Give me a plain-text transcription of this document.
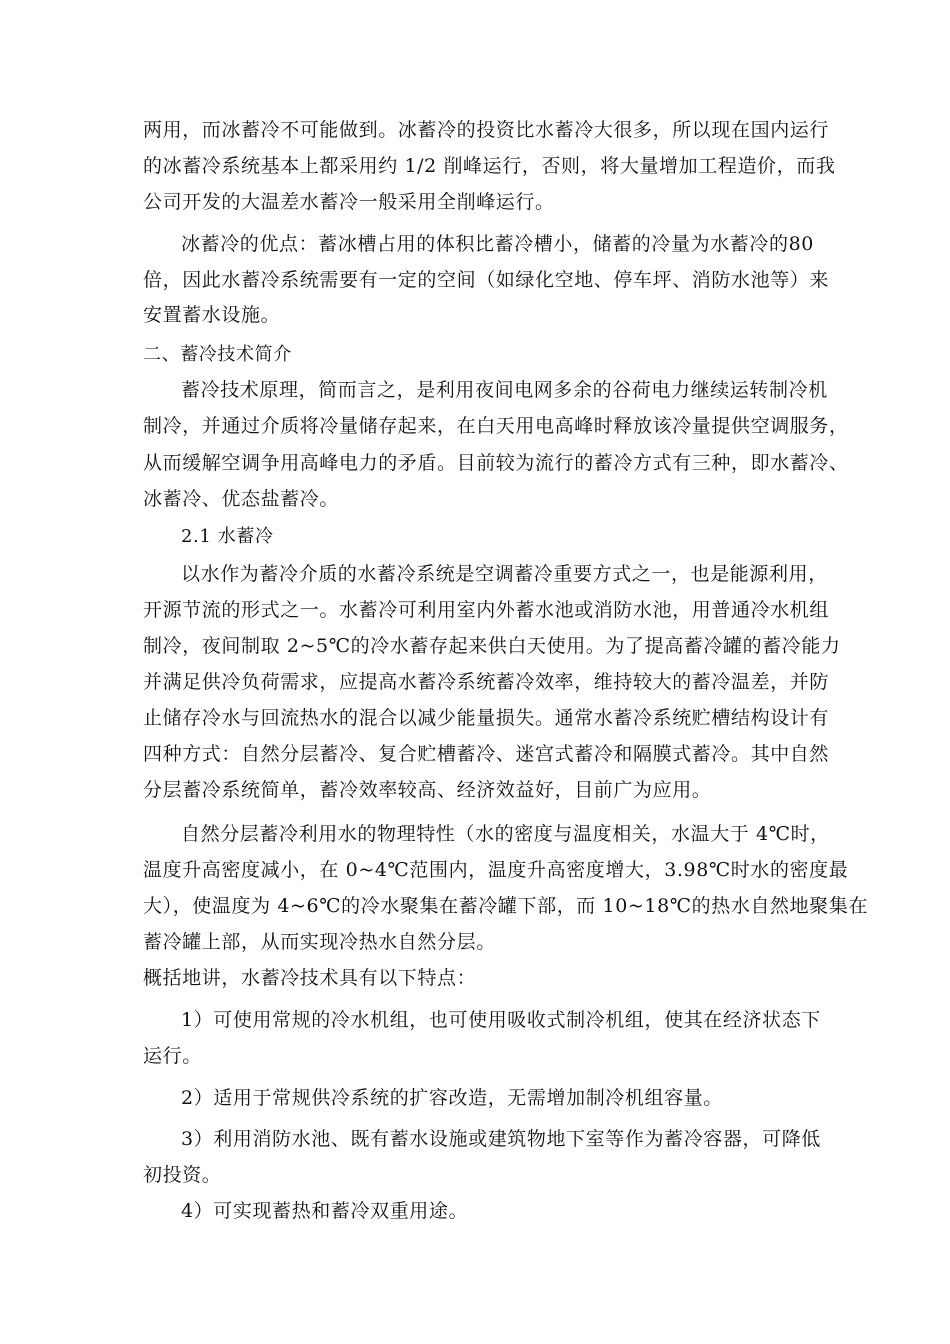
两用，而冰蓄冷不可能做到。冰蓄冷的投资比水蓄冷大很多，所以现在国内运行
的冰蓄冷系统基本上都采用约 1/2 削峰运行，否则，将大量增加工程造价，而我
公司开发的大温差水蓄冷一般采用全削峰运行。
冰蓄冷的优点：蓄冰槽占用的体积比蓄冷槽小，储蓄的冷量为水蓄冷的80
倍，因此水蓄冷系统需要有一定的空间（如绿化空地、停车坪、消防水池等）来
安置蓄水设施。
二、蓄冷技术简介
蓄冷技术原理，简而言之，是利用夜间电网多余的谷荷电力继续运转制冷机
制冷，并通过介质将冷量储存起来，在白天用电高峰时释放该冷量提供空调服务，
从而缓解空调争用高峰电力的矛盾。目前较为流行的蓄冷方式有三种，即水蓄冷、
冰蓄冷、优态盐蓄冷。
2.1 水蓄冷
以水作为蓄冷介质的水蓄冷系统是空调蓄冷重要方式之一，也是能源利用，
开源节流的形式之一。水蓄冷可利用室内外蓄水池或消防水池，用普通冷水机组
制冷，夜间制取 2~5℃的冷水蓄存起来供白天使用。为了提高蓄冷罐的蓄冷能力
并满足供冷负荷需求，应提高水蓄冷系统蓄冷效率，维持较大的蓄冷温差，并防
止储存冷水与回流热水的混合以减少能量损失。通常水蓄冷系统贮槽结构设计有
四种方式：自然分层蓄冷、复合贮槽蓄冷、迷宫式蓄冷和隔膜式蓄冷。其中自然
分层蓄冷系统简单，蓄冷效率较高、经济效益好，目前广为应用。
自然分层蓄冷利用水的物理特性（水的密度与温度相关，水温大于 4℃时，
温度升高密度减小，在 0~4℃范围内，温度升高密度增大，3.98℃时水的密度最
大），使温度为 4~6℃的冷水聚集在蓄冷罐下部，而 10~18℃的热水自然地聚集在
蓄冷罐上部，从而实现冷热水自然分层。
概括地讲，水蓄冷技术具有以下特点：
1）可使用常规的冷水机组，也可使用吸收式制冷机组，使其在经济状态下
运行。
2）适用于常规供冷系统的扩容改造，无需增加制冷机组容量。
3）利用消防水池、既有蓄水设施或建筑物地下室等作为蓄冷容器，可降低
初投资。
4）可实现蓄热和蓄冷双重用途。
